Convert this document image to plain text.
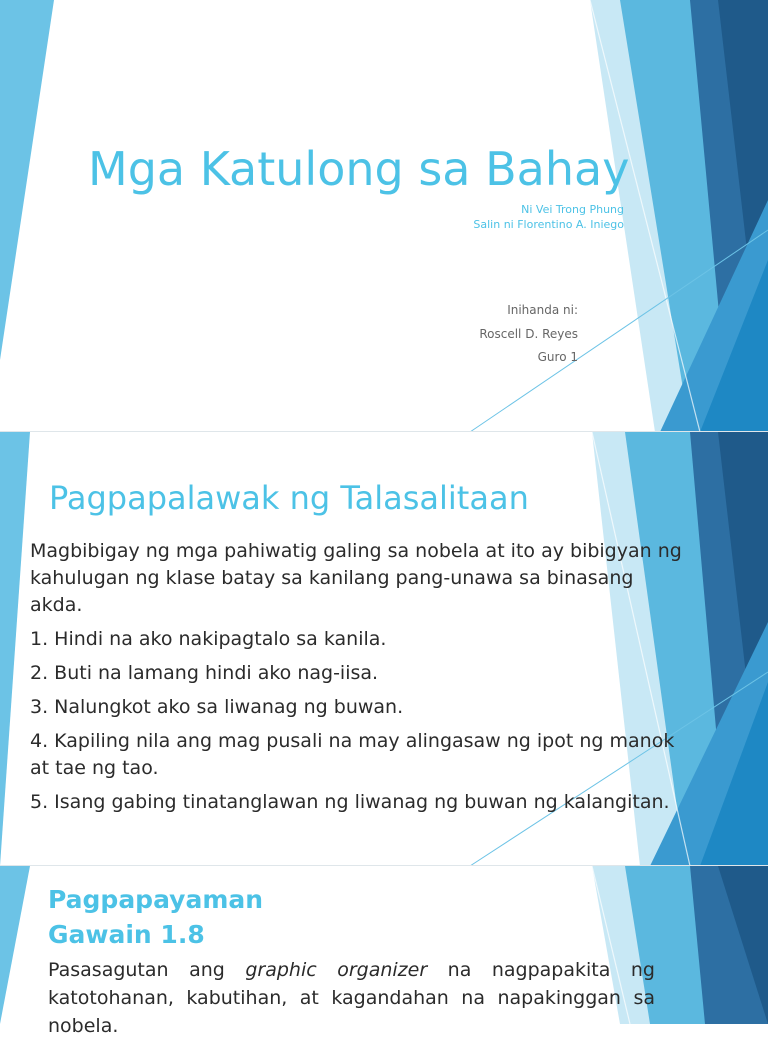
Mga Katulong sa Bahay
Ni Vei Trong Phung
Salin ni Florentino A. Iniego
Inihanda ni:
Roscell D. Reyes
Guro 1
Pagpapalawak ng Talasalitaan

Magbibigay ng mga pahiwatig galing sa nobela at ito ay bibigyan ng kahulugan ng klase batay sa kanilang pang-unawa sa binasang akda.

1. Hindi na ako nakipagtalo sa kanila.

2. Buti na lamang hindi ako nag-iisa.

3. Nalungkot ako sa liwanag ng buwan.

4. Kapiling nila ang mag pusali na may alingasaw ng ipot ng manok at tae ng tao.

5. Isang gabing tinatanglawan ng liwanag ng buwan ng kalangitan.

Pagpapayaman
Gawain 1.8

Pasasagutan ang graphic organizer na nagpapakita ng katotohanan, kabutihan, at kagandahan na napakinggan sa nobela.
